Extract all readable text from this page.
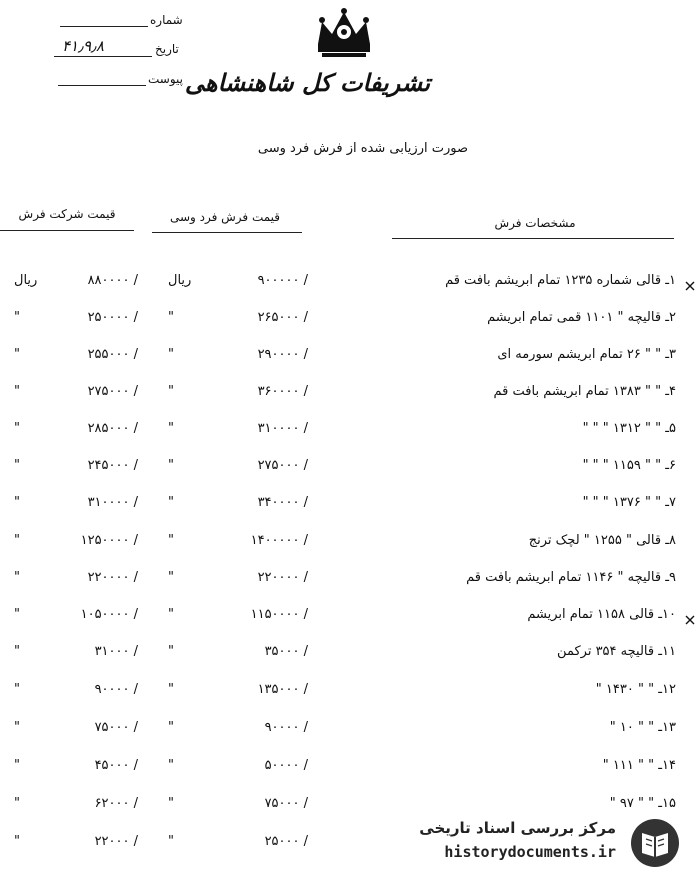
شماره
تاریخ
۴۱٫۹٫۸
پیوست تشریفات کل شاهنشاهی
صورت ارزیابی شده از فرش فرد وسی
مشخصات فرش
قیمت فرش فرد وسی
قیمت شرکت فرش
ریال	۸۸۰۰۰۰ / ریال	۹۰۰۰۰۰ /	۱ـ قالی شماره ۱۲۳۵ تمام ابریشم بافت قم
"	۲۵۰۰۰۰ / "	۲۶۵۰۰۰ /	۲ـ قالیچه " ۱۱۰۱ قمی تمام ابریشم
"	۲۵۵۰۰۰ / "	۲۹۰۰۰۰ /	۳ـ " " ۲۶ تمام ابریشم سورمه ای
"	۲۷۵۰۰۰ / "	۳۶۰۰۰۰ /	۴ـ " " ۱۳۸۳ تمام ابریشم بافت قم
"	۲۸۵۰۰۰ / "	۳۱۰۰۰۰ /	۵ـ " " ۱۳۱۲ " " "
"	۲۴۵۰۰۰ / "	۲۷۵۰۰۰ /	۶ـ " " ۱۱۵۹ " " "
"	۳۱۰۰۰۰ / "	۳۴۰۰۰۰ /	۷ـ " " ۱۳۷۶ " " "
"	۱۲۵۰۰۰۰ / "	۱۴۰۰۰۰۰ /	۸ـ قالی " ۱۲۵۵ " لچک ترنج
"	۲۲۰۰۰۰ / "	۲۲۰۰۰۰ /	۹ـ قالیچه " ۱۱۴۶ تمام ابریشم بافت قم
"	۱۰۵۰۰۰۰ / "	۱۱۵۰۰۰۰ /	۱۰ـ قالی ۱۱۵۸ تمام ابریشم
"	۳۱۰۰۰ / "	۳۵۰۰۰ /	۱۱ـ قالیچه ۳۵۴ ترکمن
"	۹۰۰۰۰ / "	۱۳۵۰۰۰ /	۱۲ـ " " ۱۴۳۰ "
"	۷۵۰۰۰ / "	۹۰۰۰۰ /	۱۳ـ " " ۱۰ "
"	۴۵۰۰۰ / "	۵۰۰۰۰ /	۱۴ـ " " ۱۱۱ "
"	۶۲۰۰۰ / "	۷۵۰۰۰ /	۱۵ـ " " ۹۷ "
"	۲۲۰۰۰ / "	۲۵۰۰۰ /
مرکز بررسی اسناد تاریخی
historydocuments.ir
